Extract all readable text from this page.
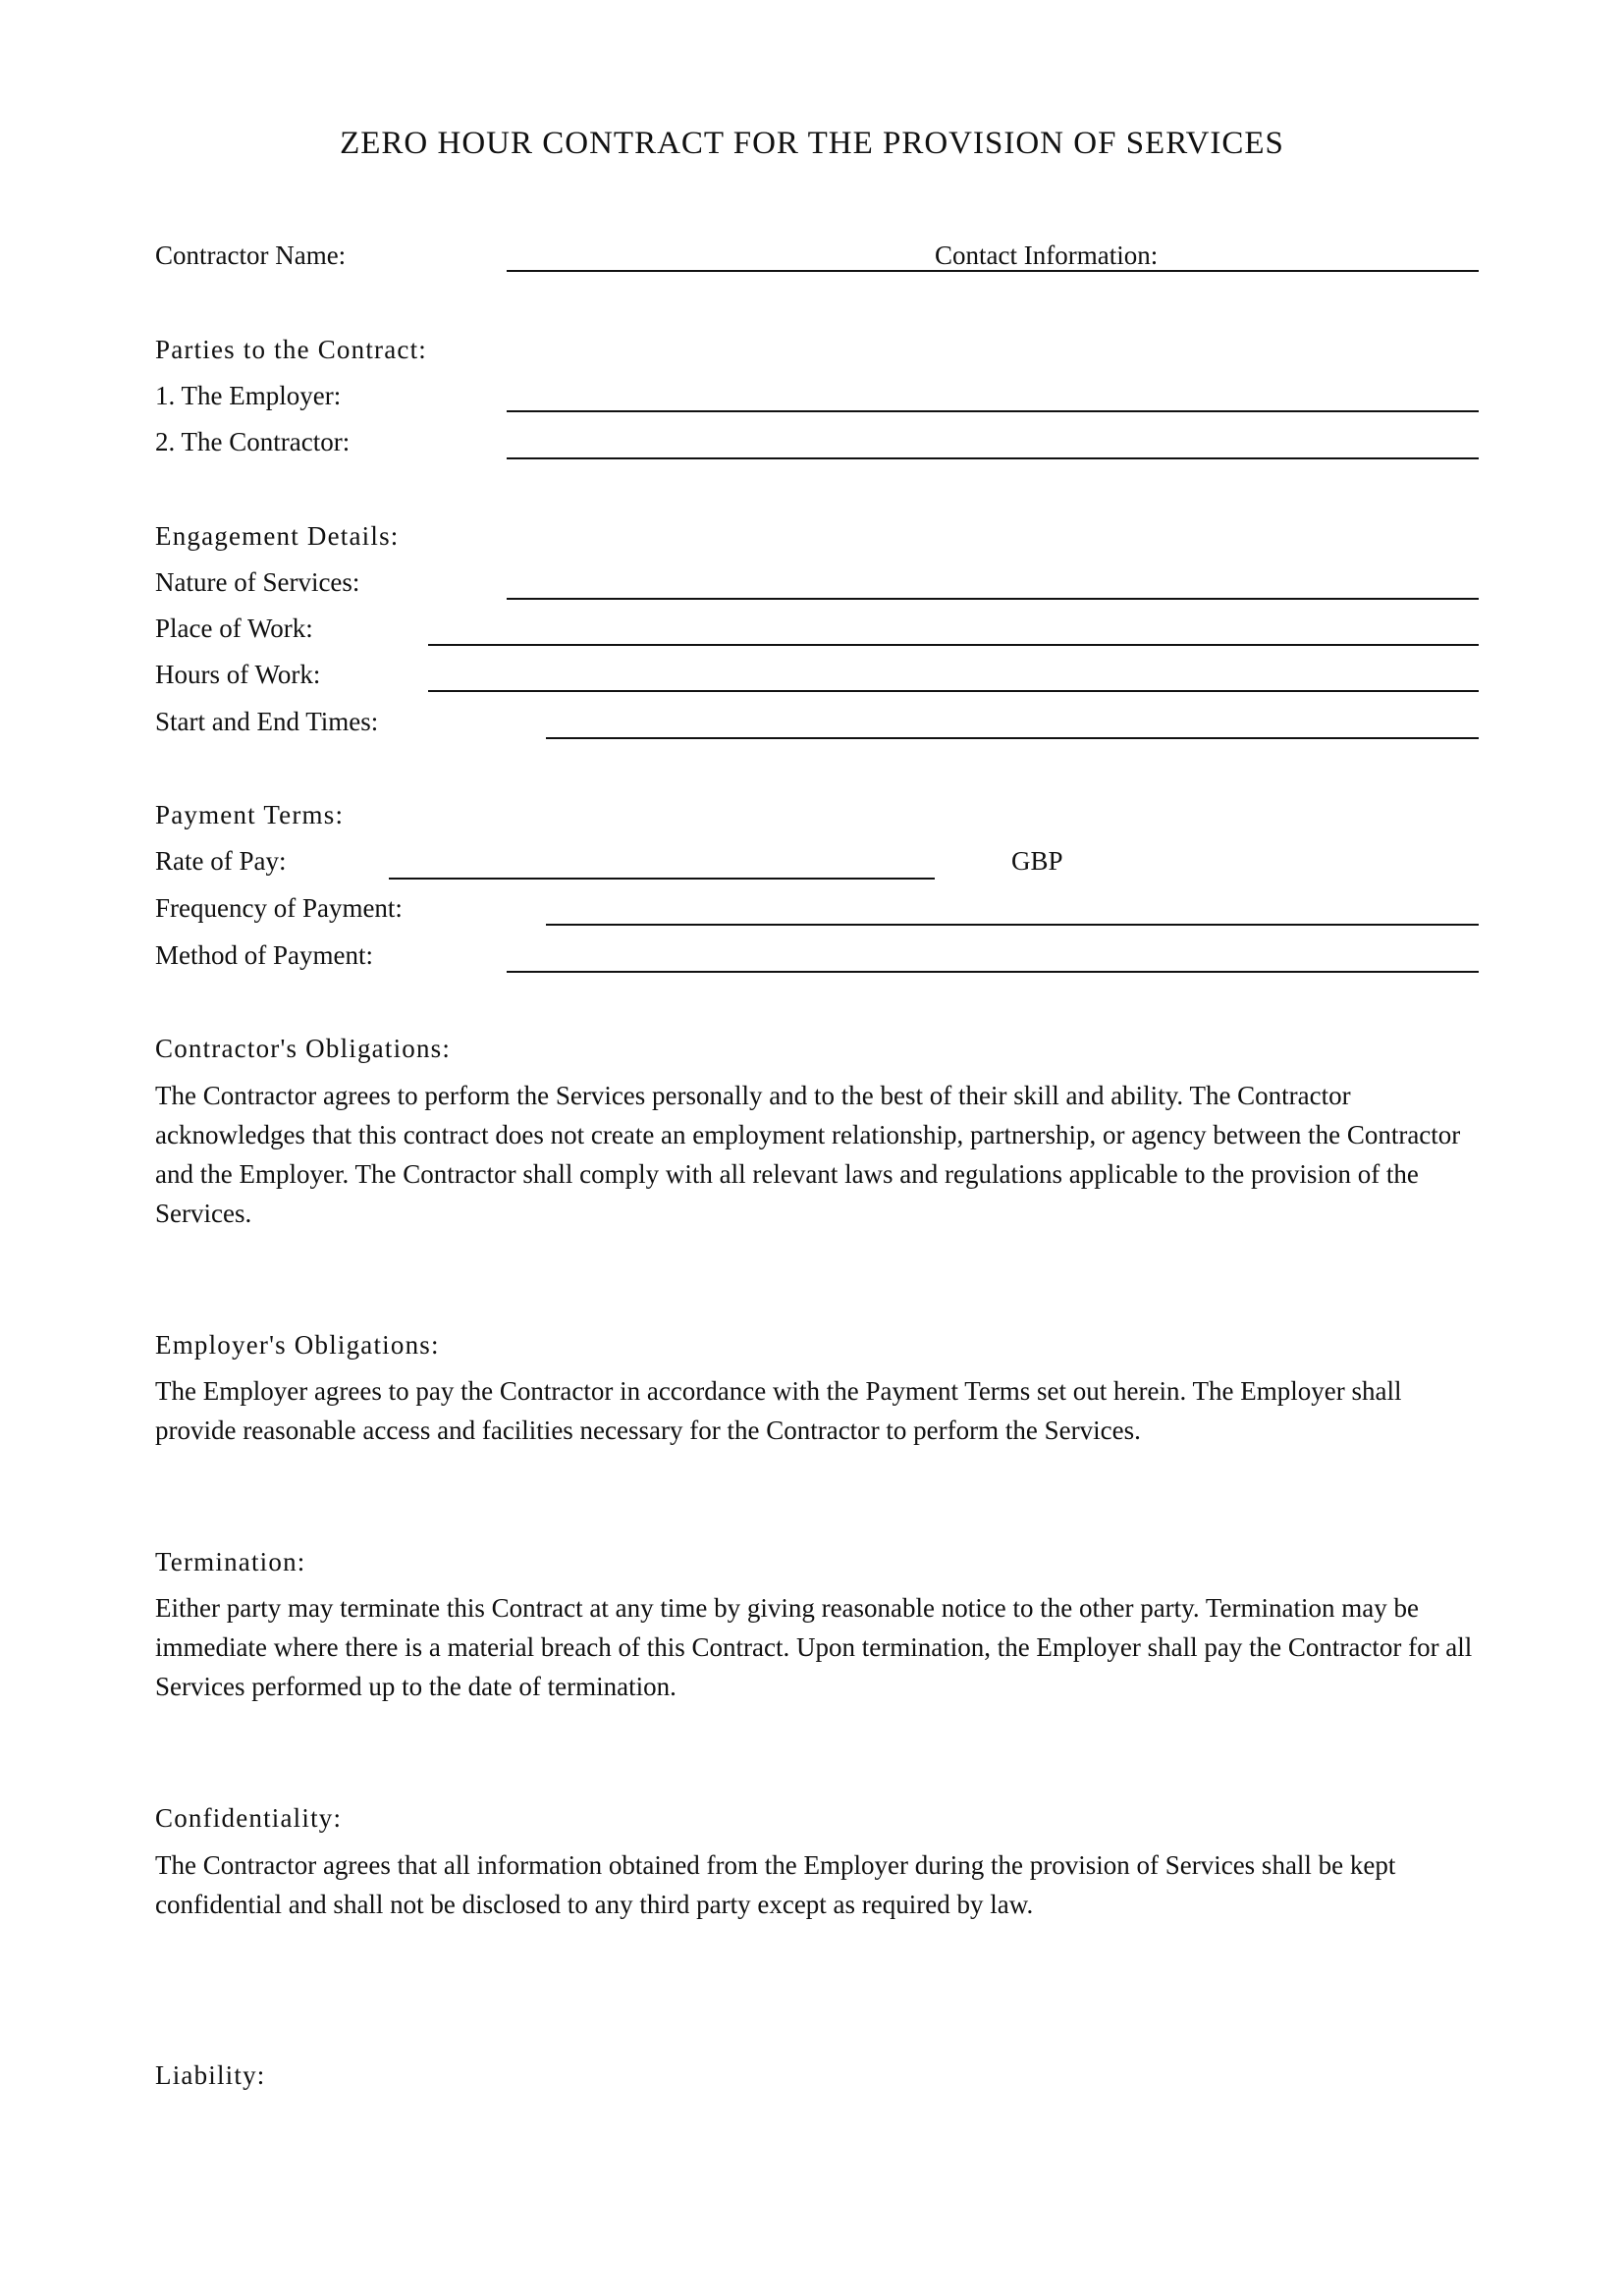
ZERO HOUR CONTRACT FOR THE PROVISION OF SERVICES
Contractor Name:	Contact Information:
Parties to the Contract:
1. The Employer:
2. The Contractor:
Engagement Details:
Nature of Services:
Place of Work:
Hours of Work:
Start and End Times:
Payment Terms:
Rate of Pay:	GBP
Frequency of Payment:
Method of Payment:
Contractor's Obligations:
The Contractor agrees to perform the Services personally and to the best of their skill and ability. The Contractor acknowledges that this contract does not create an employment relationship, partnership, or agency between the Contractor and the Employer. The Contractor shall comply with all relevant laws and regulations applicable to the provision of the Services.
Employer's Obligations:
The Employer agrees to pay the Contractor in accordance with the Payment Terms set out herein. The Employer shall provide reasonable access and facilities necessary for the Contractor to perform the Services.
Termination:
Either party may terminate this Contract at any time by giving reasonable notice to the other party. Termination may be immediate where there is a material breach of this Contract. Upon termination, the Employer shall pay the Contractor for all Services performed up to the date of termination.
Confidentiality:
The Contractor agrees that all information obtained from the Employer during the provision of Services shall be kept confidential and shall not be disclosed to any third party except as required by law.
Liability:
